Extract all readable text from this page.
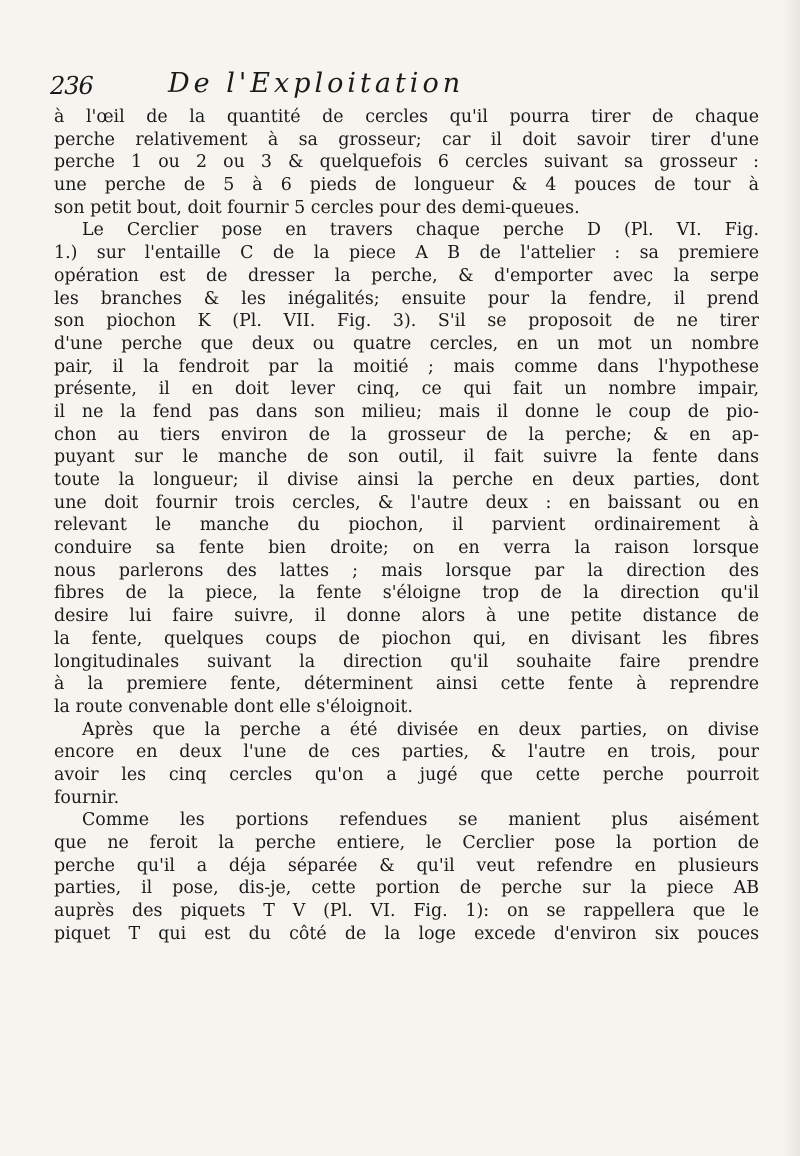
236	De l'Exploitation
à l'œil de la quantité de cercles qu'il pourra tirer de chaque
perche relativement à sa grosseur; car il doit savoir tirer d'une
perche 1 ou 2 ou 3 & quelquefois 6 cercles suivant sa grosseur :
une perche de 5 à 6 pieds de longueur & 4 pouces de tour à
son petit bout, doit fournir 5 cercles pour des demi-queues.
Le Cerclier pose en travers chaque perche D (Pl. VI. Fig.
1.) sur l'entaille C de la piece A B de l'attelier : sa premiere
opération est de dresser la perche, & d'emporter avec la serpe
les branches & les inégalités; ensuite pour la fendre, il prend
son piochon K (Pl. VII. Fig. 3). S'il se proposoit de ne tirer
d'une perche que deux ou quatre cercles, en un mot un nombre
pair, il la fendroit par la moitié ; mais comme dans l'hypothese
présente, il en doit lever cinq, ce qui fait un nombre impair,
il ne la fend pas dans son milieu; mais il donne le coup de pio-
chon au tiers environ de la grosseur de la perche; & en ap-
puyant sur le manche de son outil, il fait suivre la fente dans
toute la longueur; il divise ainsi la perche en deux parties, dont
une doit fournir trois cercles, & l'autre deux : en baissant ou en
relevant le manche du piochon, il parvient ordinairement à
conduire sa fente bien droite; on en verra la raison lorsque
nous parlerons des lattes ; mais lorsque par la direction des
fibres de la piece, la fente s'éloigne trop de la direction qu'il
desire lui faire suivre, il donne alors à une petite distance de
la fente, quelques coups de piochon qui, en divisant les fibres
longitudinales suivant la direction qu'il souhaite faire prendre
à la premiere fente, déterminent ainsi cette fente à reprendre
la route convenable dont elle s'éloignoit.
Après que la perche a été divisée en deux parties, on divise
encore en deux l'une de ces parties, & l'autre en trois, pour
avoir les cinq cercles qu'on a jugé que cette perche pourroit
fournir.
Comme les portions refendues se manient plus aisément
que ne feroit la perche entiere, le Cerclier pose la portion de
perche qu'il a déja séparée & qu'il veut refendre en plusieurs
parties, il pose, dis-je, cette portion de perche sur la piece AB
auprès des piquets T V (Pl. VI. Fig. 1): on se rappellera que le
piquet T qui est du côté de la loge excede d'environ six pouces
